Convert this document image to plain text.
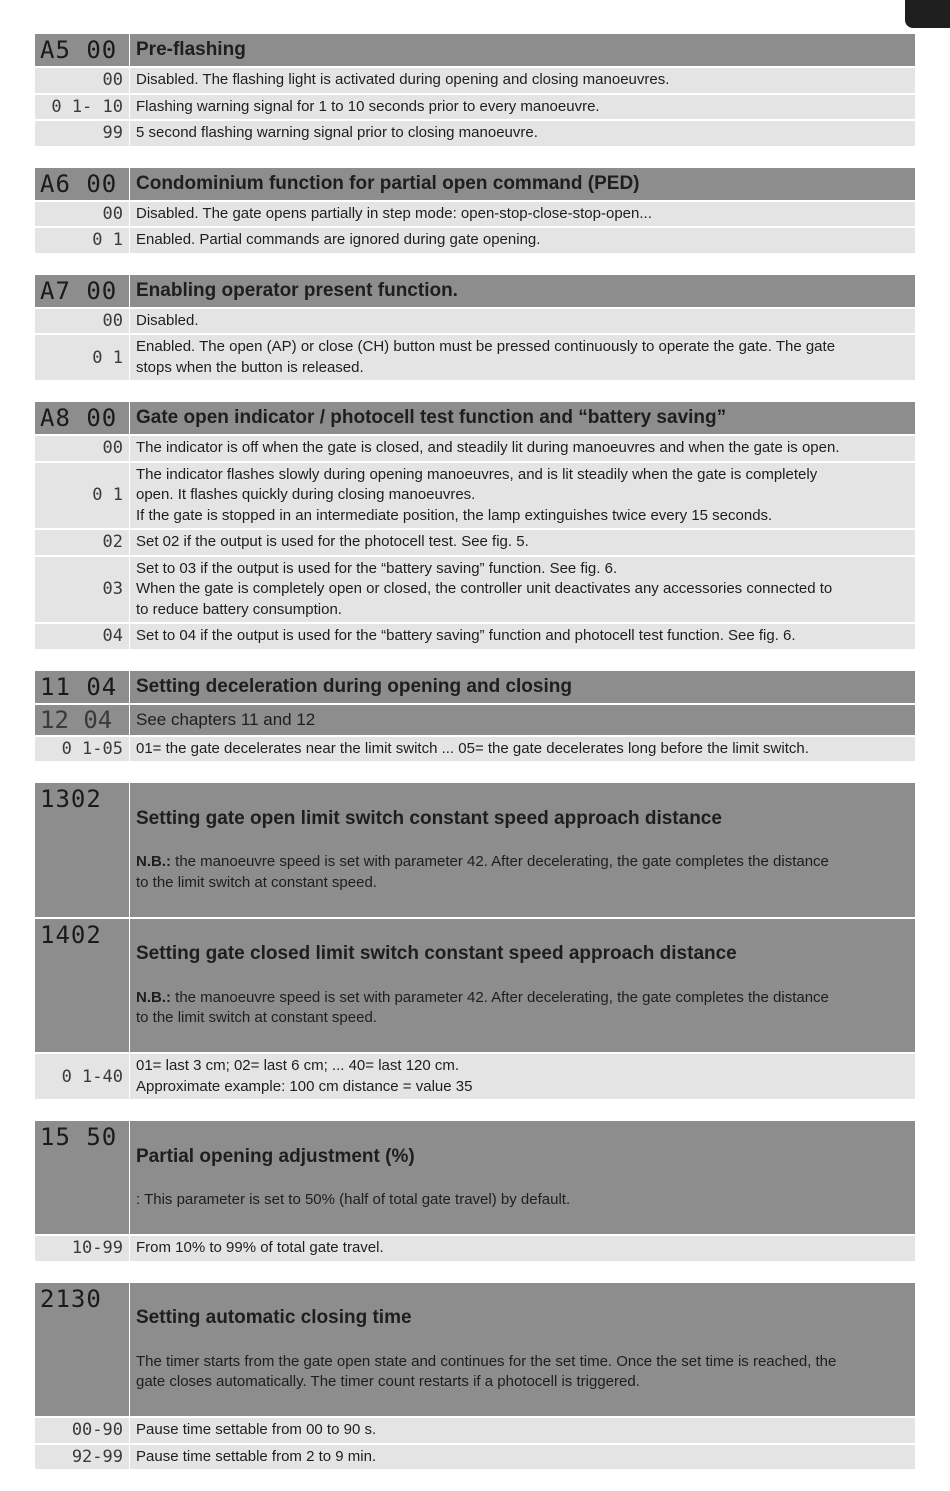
A5 00 Pre-flashing
00 Disabled. The flashing light is activated during opening and closing manoeuvres.
0 1- 10 Flashing warning signal for 1 to 10 seconds prior to every manoeuvre.
99 5 second flashing warning signal prior to closing manoeuvre.
A6 00 Condominium function for partial open command (PED)
00 Disabled. The gate opens partially in step mode: open-stop-close-stop-open...
0 1 Enabled. Partial commands are ignored during gate opening.
A7 00 Enabling operator present function.
00 Disabled.
0 1
Enabled. The open (AP) or close (CH) button must be pressed continuously to operate the gate. The gate
stops when the button is released.
A8 00 Gate open indicator / photocell test function and “battery saving”
00 The indicator is off when the gate is closed, and steadily lit during manoeuvres and when the gate is open.
0 1
The indicator flashes slowly during opening manoeuvres, and is lit steadily when the gate is completely
open. It flashes quickly during closing manoeuvres.
If the gate is stopped in an intermediate position, the lamp extinguishes twice every 15 seconds.
02 Set 02 if the output is used for the photocell test. See fig. 5.
03
Set to 03 if the output is used for the “battery saving” function. See fig. 6.
When the gate is completely open or closed, the controller unit deactivates any accessories connected to
to reduce battery consumption.
04 Set to 04 if the output is used for the “battery saving” function and photocell test function. See fig. 6.
11 04 Setting deceleration during opening and closing
12 04	See chapters 11 and 12
0 1-05 01= the gate decelerates near the limit switch ... 05= the gate decelerates long before the limit switch.
1302

Setting gate open limit switch constant speed approach distance

N.B.: the manoeuvre speed is set with parameter 42. After decelerating, the gate completes the distance
to the limit switch at constant speed.

1402

Setting gate closed limit switch constant speed approach distance

N.B.: the manoeuvre speed is set with parameter 42. After decelerating, the gate completes the distance
to the limit switch at constant speed.

0 1-40
01= last 3 cm; 02= last 6 cm; ... 40= last 120 cm.
Approximate example: 100 cm distance = value 35
15 50

Partial opening adjustment (%)

: This parameter is set to 50% (half of total gate travel) by default.

10-99 From 10% to 99% of total gate travel.
2130

Setting automatic closing time

The timer starts from the gate open state and continues for the set time. Once the set time is reached, the
gate closes automatically. The timer count restarts if a photocell is triggered.

00-90 Pause time settable from 00 to 90 s.
92-99 Pause time settable from 2 to 9 min.
